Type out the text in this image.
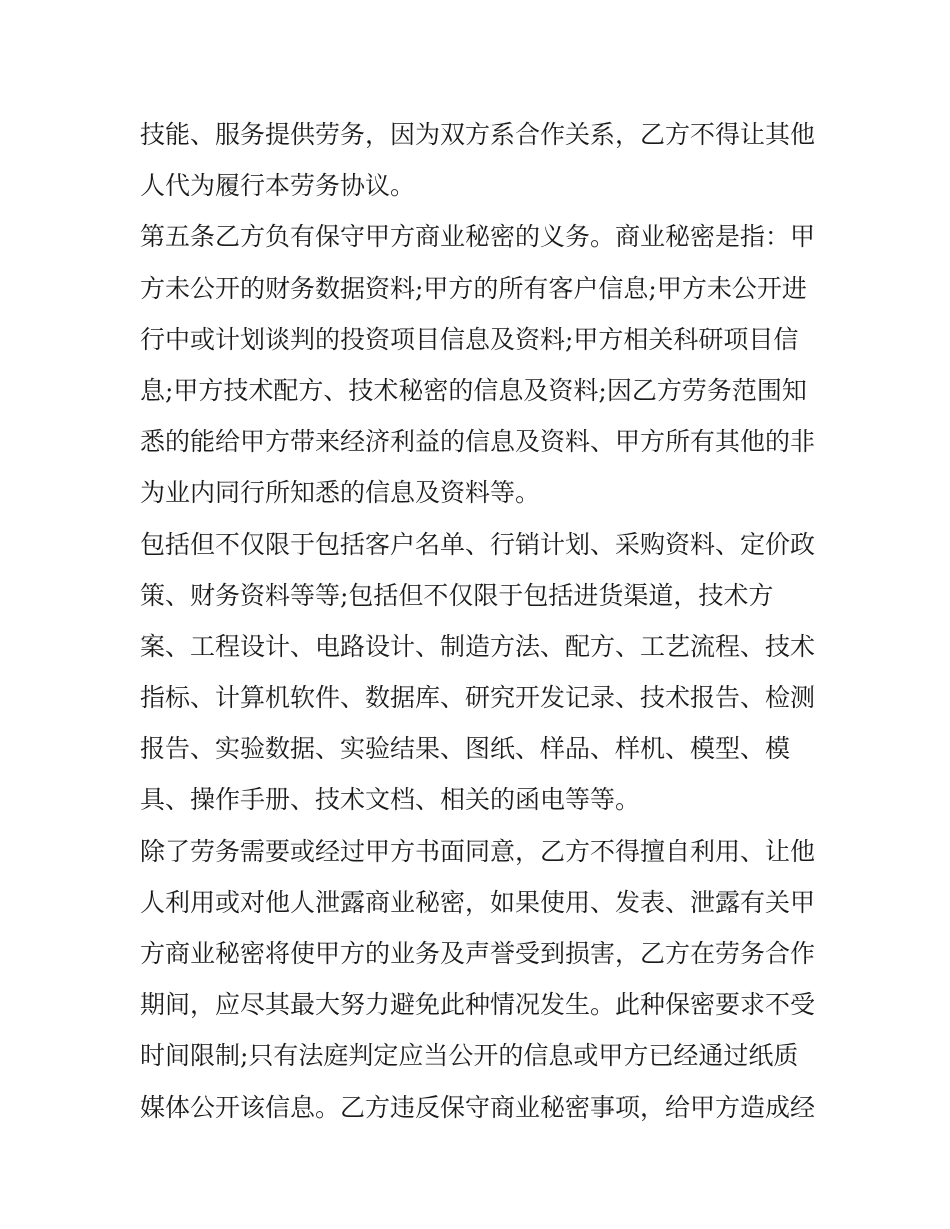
技能、服务提供劳务，因为双方系合作关系，乙方不得让其他
人代为履行本劳务协议。
第五条乙方负有保守甲方商业秘密的义务。商业秘密是指：甲
方未公开的财务数据资料;甲方的所有客户信息;甲方未公开进
行中或计划谈判的投资项目信息及资料;甲方相关科研项目信
息;甲方技术配方、技术秘密的信息及资料;因乙方劳务范围知
悉的能给甲方带来经济利益的信息及资料、甲方所有其他的非
为业内同行所知悉的信息及资料等。
包括但不仅限于包括客户名单、行销计划、采购资料、定价政
策、财务资料等等;包括但不仅限于包括进货渠道，技术方
案、工程设计、电路设计、制造方法、配方、工艺流程、技术
指标、计算机软件、数据库、研究开发记录、技术报告、检测
报告、实验数据、实验结果、图纸、样品、样机、模型、模
具、操作手册、技术文档、相关的函电等等。
除了劳务需要或经过甲方书面同意，乙方不得擅自利用、让他
人利用或对他人泄露商业秘密，如果使用、发表、泄露有关甲
方商业秘密将使甲方的业务及声誉受到损害，乙方在劳务合作
期间，应尽其最大努力避免此种情况发生。此种保密要求不受
时间限制;只有法庭判定应当公开的信息或甲方已经通过纸质
媒体公开该信息。乙方违反保守商业秘密事项，给甲方造成经
